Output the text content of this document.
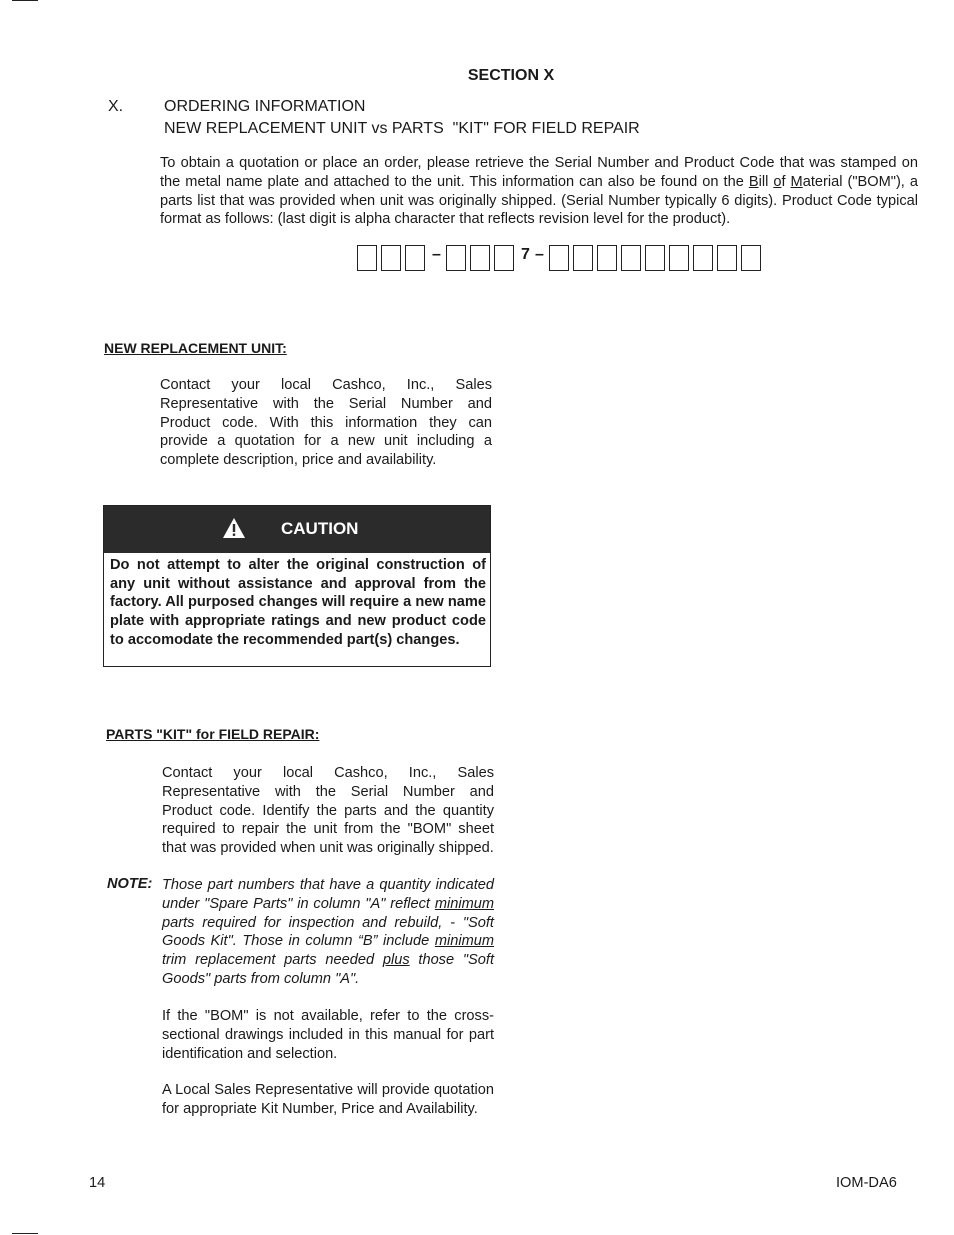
SECTION X
X.	ORDERING INFORMATION
NEW REPLACEMENT UNIT vs PARTS  "KIT" FOR FIELD REPAIR
To obtain a quotation or place an order, please retrieve the Serial Number and Product Code that was stamped on the metal name plate and attached to the unit. This information can also be found on the Bill of Material ("BOM"), a parts list that was provided when unit was originally shipped. (Serial Number typically 6 digits). Product Code typical format as follows: (last digit is alpha character that reflects revision level for the product).
–	7 –
NEW REPLACEMENT UNIT:
Contact your local Cashco, Inc., Sales Representative with the Serial Number and Product code. With this information they can provide a quotation for a new unit including a complete description, price and availability.
CAUTION
Do not attempt to alter the original construction of any unit without assistance and approval from the factory. All purposed changes will require a new name plate with appropriate ratings and new product code to accomodate the recommended part(s) changes.
PARTS "KIT" for FIELD REPAIR:
Contact your local Cashco, Inc., Sales Representative with the Serial Number and Product code. Identify the parts and the quantity required to repair the unit from the "BOM" sheet that was provided when unit was originally shipped.
NOTE: Those part numbers that have a quantity indicated under "Spare Parts" in column "A" reflect minimum parts required for inspection and rebuild, - "Soft Goods Kit". Those in column “B” include minimum trim replacement parts needed plus those "Soft Goods" parts from column "A".
If the "BOM" is not available, refer to the cross-sectional drawings included in this manual for part identification and selection.
A Local Sales Representative will provide quotation for appropriate Kit Number, Price and Availability.
14	IOM-DA6
